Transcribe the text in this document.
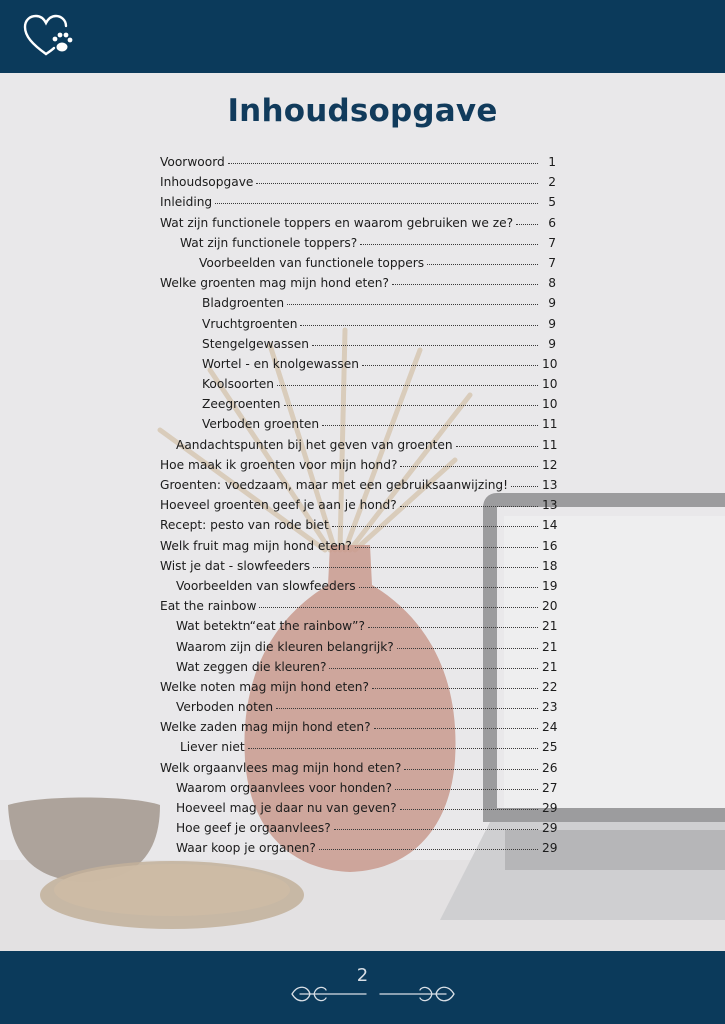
Inhoudsopgave
Voorwoord	1
Inhoudsopgave	2
Inleiding	5
Wat zijn functionele toppers en waarom gebruiken we ze?	6
Wat zijn functionele toppers?	7
Voorbeelden van functionele toppers	7
Welke groenten mag mijn hond eten?	8
Bladgroenten	9
Vruchtgroenten	9
Stengelgewassen	9
Wortel - en knolgewassen	10
Koolsoorten	10
Zeegroenten	10
Verboden groenten	11
Aandachtspunten bij het geven van groenten	11
Hoe maak ik groenten voor mijn hond?	12
Groenten: voedzaam, maar met een gebruiksaanwijzing!	13
Hoeveel groenten geef je aan je hond?	13
Recept: pesto van rode biet	14
Welk fruit mag mijn hond eten?	16
Wist je dat - slowfeeders	18
Voorbeelden van slowfeeders	19
Eat the rainbow	20
Wat betektn“eat the rainbow”?	21
Waarom zijn die kleuren belangrijk?	21
Wat zeggen die kleuren?	21
Welke noten mag mijn hond eten?	22
Verboden noten	23
Welke zaden mag mijn hond eten?	24
Liever niet	25
Welk orgaanvlees mag mijn hond eten?	26
Waarom orgaanvlees voor honden?	27
Hoeveel mag je daar nu van geven?	29
Hoe geef je orgaanvlees?	29
Waar koop je organen?	29
2
